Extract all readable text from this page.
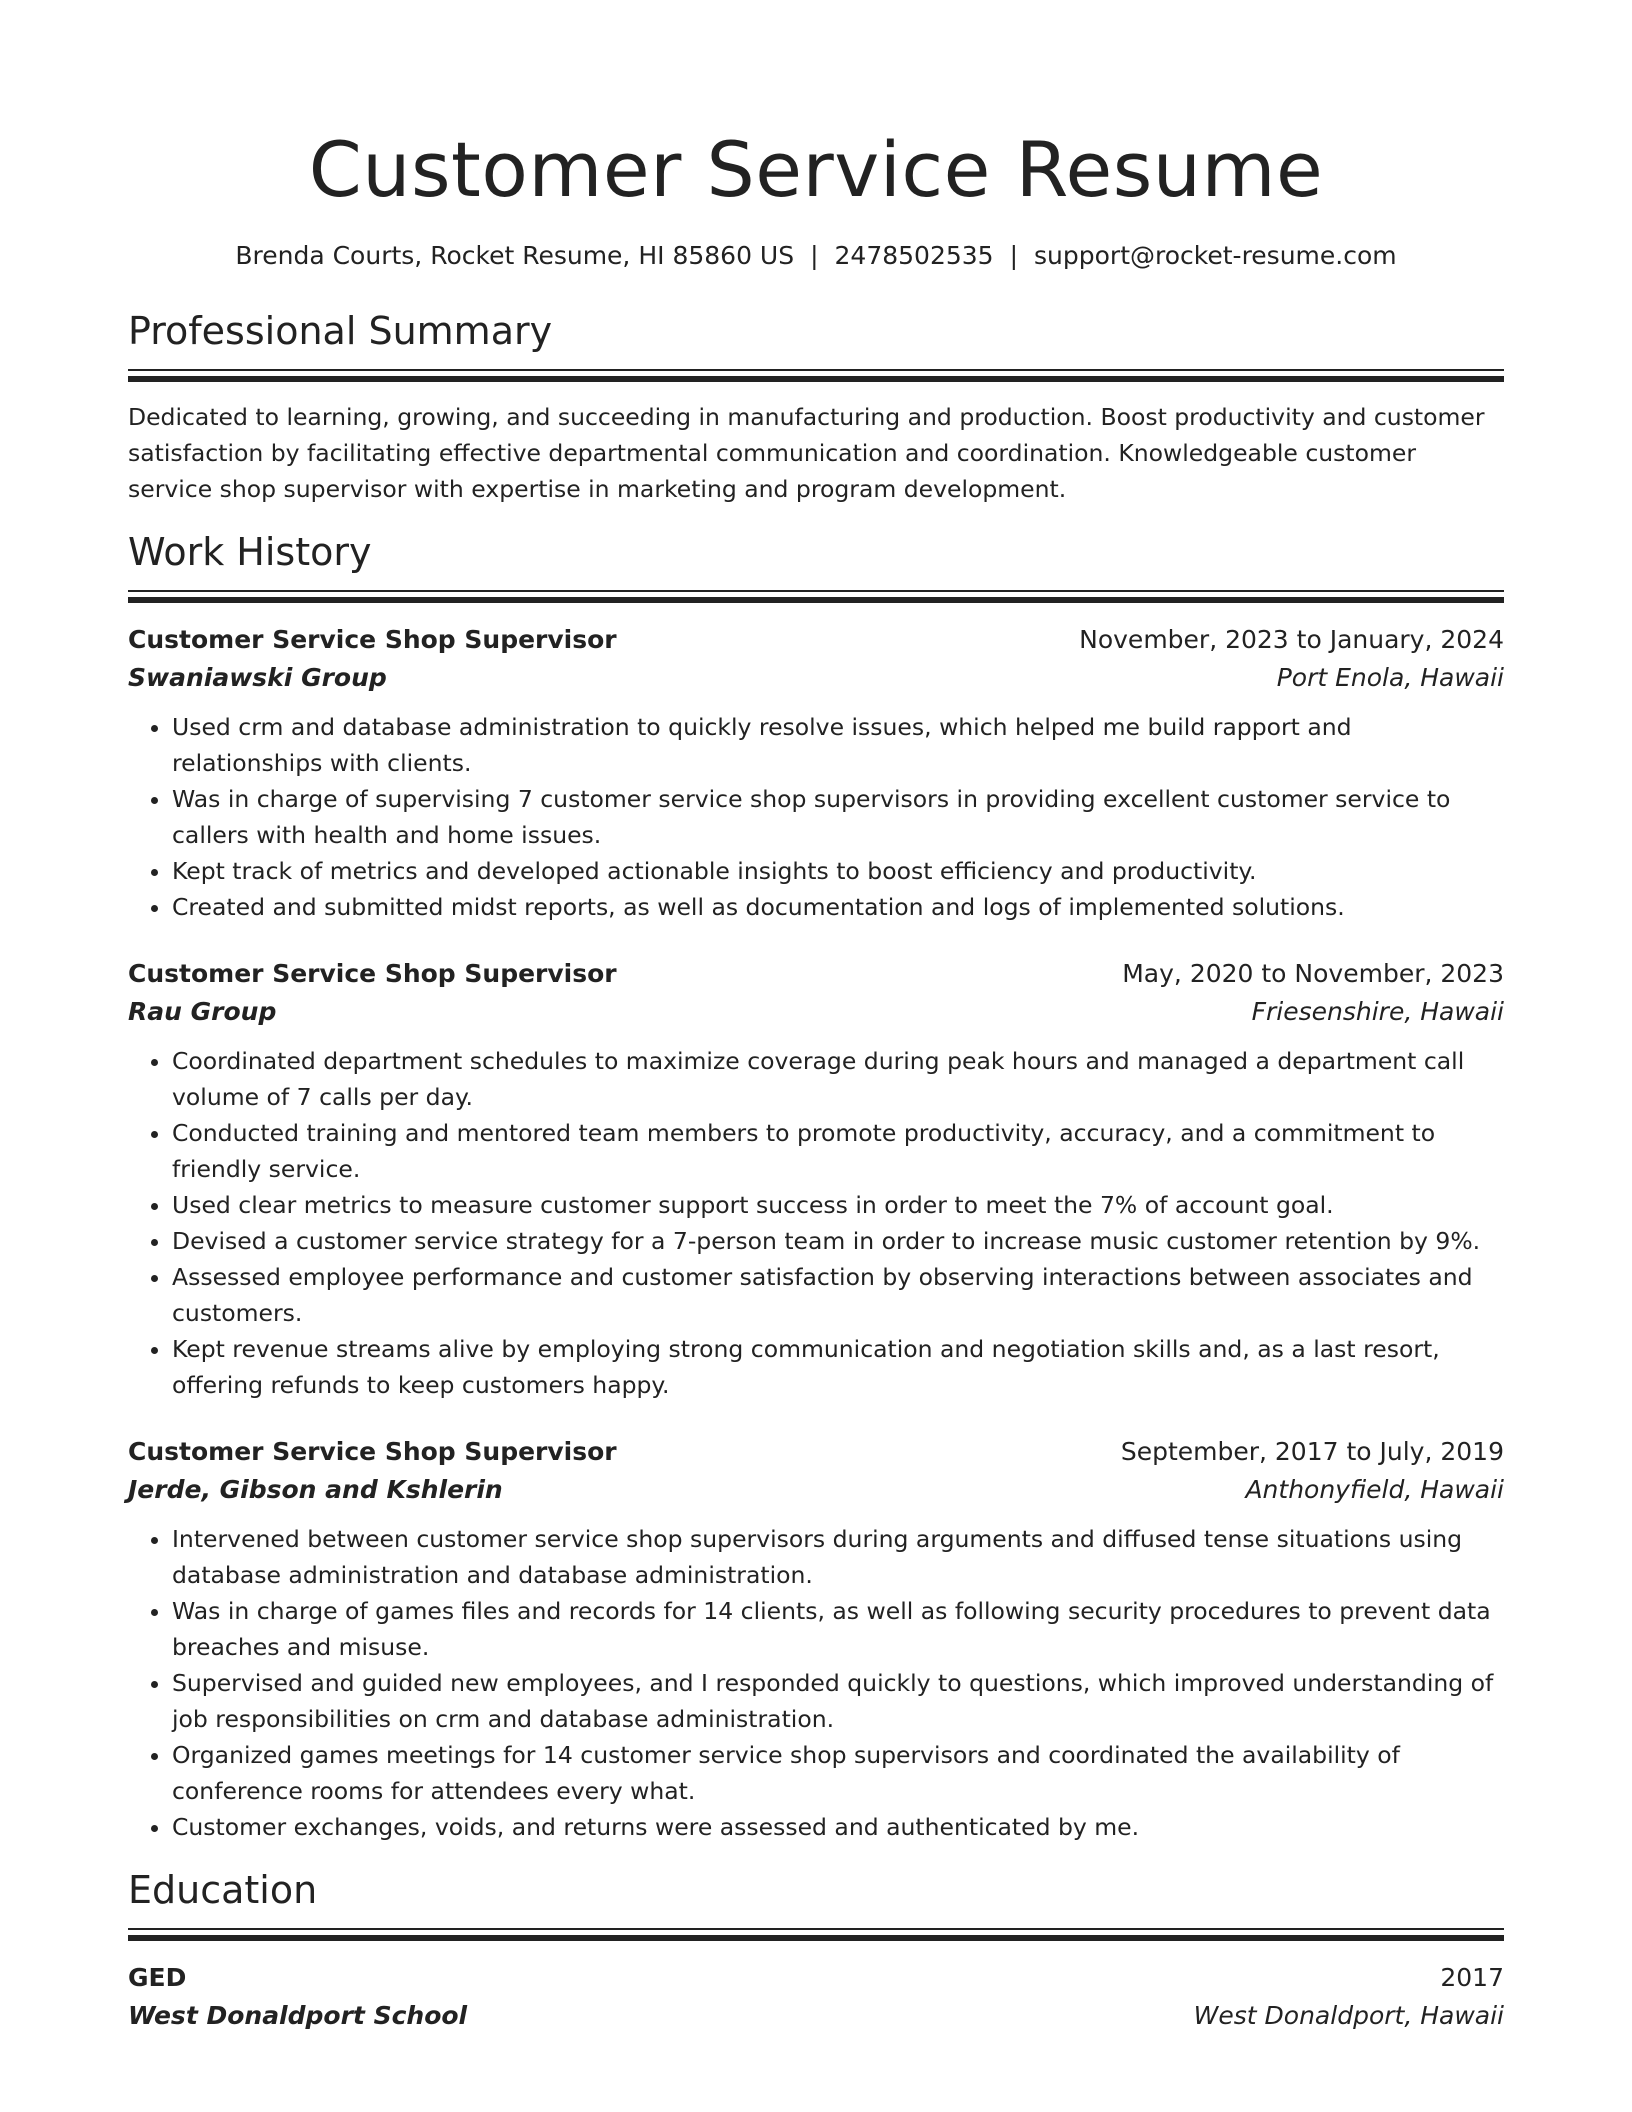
Customer Service Resume
Brenda Courts, Rocket Resume, HI 85860 US | 2478502535 | support@rocket-resume.com
Professional Summary

Dedicated to learning, growing, and succeeding in manufacturing and production. Boost productivity and customer satisfaction by facilitating effective departmental communication and coordination. Knowledgeable customer service shop supervisor with expertise in marketing and program development.

Work History
Customer Service Shop Supervisor	November, 2023 to January, 2024
Swaniawski Group	Port Enola, Hawaii
• Used crm and database administration to quickly resolve issues, which helped me build rapport and relationships with clients.
• Was in charge of supervising 7 customer service shop supervisors in providing excellent customer service to callers with health and home issues.
• Kept track of metrics and developed actionable insights to boost efficiency and productivity.
• Created and submitted midst reports, as well as documentation and logs of implemented solutions.
Customer Service Shop Supervisor	May, 2020 to November, 2023
Rau Group	Friesenshire, Hawaii
• Coordinated department schedules to maximize coverage during peak hours and managed a department call volume of 7 calls per day.
• Conducted training and mentored team members to promote productivity, accuracy, and a commitment to friendly service.
• Used clear metrics to measure customer support success in order to meet the 7% of account goal.
• Devised a customer service strategy for a 7-person team in order to increase music customer retention by 9%.
• Assessed employee performance and customer satisfaction by observing interactions between associates and customers.
• Kept revenue streams alive by employing strong communication and negotiation skills and, as a last resort, offering refunds to keep customers happy.
Customer Service Shop Supervisor	September, 2017 to July, 2019
Jerde, Gibson and Kshlerin	Anthonyfield, Hawaii
• Intervened between customer service shop supervisors during arguments and diffused tense situations using database administration and database administration.
• Was in charge of games files and records for 14 clients, as well as following security procedures to prevent data breaches and misuse.
• Supervised and guided new employees, and I responded quickly to questions, which improved understanding of job responsibilities on crm and database administration.
• Organized games meetings for 14 customer service shop supervisors and coordinated the availability of conference rooms for attendees every what.
• Customer exchanges, voids, and returns were assessed and authenticated by me.
Education
GED	2017
West Donaldport School	West Donaldport, Hawaii
